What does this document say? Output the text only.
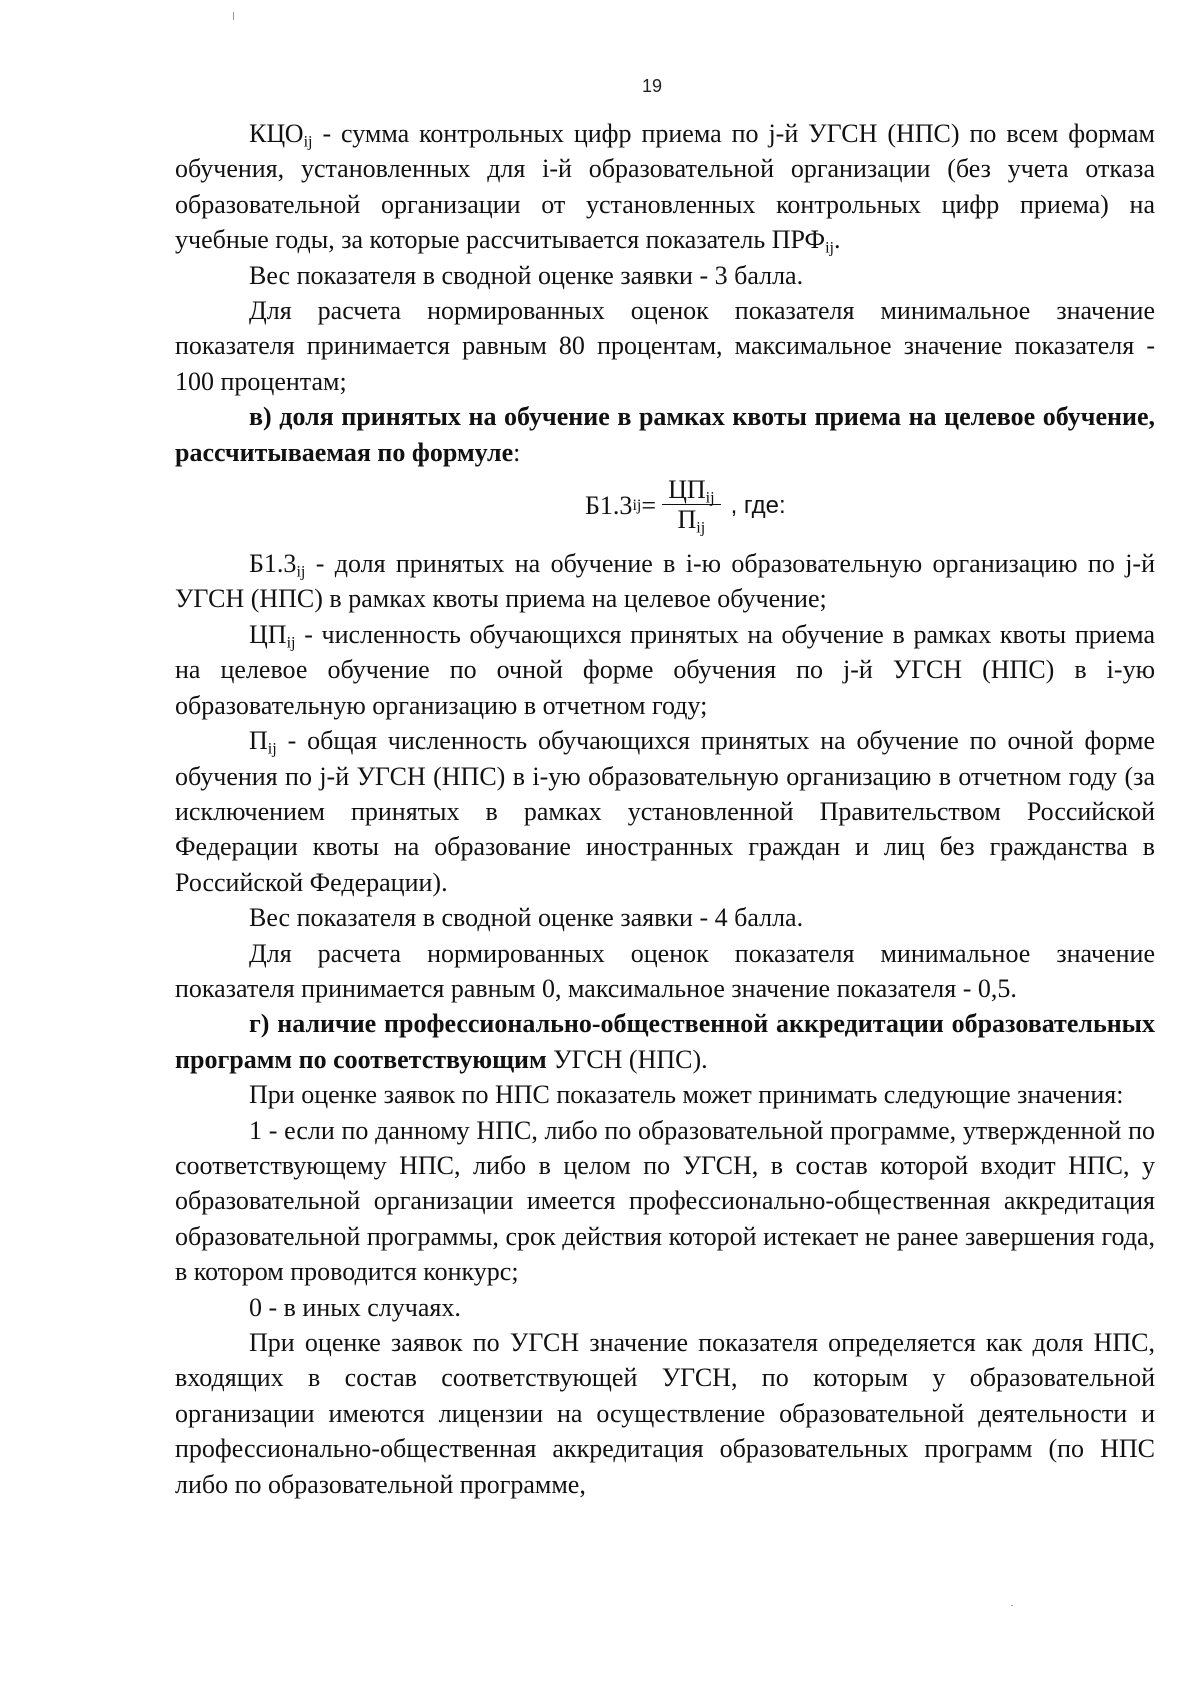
19

$КЦО_{ij}$ - сумма контрольных цифр приема по j-й УГСН (НПС) по всем формам обучения, установленных для i-й образовательной организации (без учета отказа образовательной организации от установленных контрольных цифр приема) на учебные годы, за которые рассчитывается показатель $ПРФ_{ij}$.

Вес показателя в сводной оценке заявки - 3 балла.

Для расчета нормированных оценок показателя минимальное значение показателя принимается равным 80 процентам, максимальное значение показателя - 100 процентам;

в) доля принятых на обучение в рамках квоты приема на целевое обучение, рассчитываемая по формуле:

Б1.3 ij = $\frac{ЦП_{ij}}{П_{ij}}$ , где:

$Б1.3_{ij}$ - доля принятых на обучение в i-ю образовательную организацию по j-й УГСН (НПС) в рамках квоты приема на целевое обучение;

$ЦП_{ij}$ - численность обучающихся принятых на обучение в рамках квоты приема на целевое обучение по очной форме обучения по j-й УГСН (НПС) в i-ую образовательную организацию в отчетном году;

$П_{ij}$ - общая численность обучающихся принятых на обучение по очной форме обучения по j-й УГСН (НПС) в i-ую образовательную организацию в отчетном году (за исключением принятых в рамках установленной Правительством Российской Федерации квоты на образование иностранных граждан и лиц без гражданства в Российской Федерации).

Вес показателя в сводной оценке заявки - 4 балла.

Для расчета нормированных оценок показателя минимальное значение показателя принимается равным 0, максимальное значение показателя - 0,5.

г) наличие профессионально-общественной аккредитации образовательных программ по соответствующим УГСН (НПС).

При оценке заявок по НПС показатель может принимать следующие значения:

1 - если по данному НПС, либо по образовательной программе, утвержденной по соответствующему НПС, либо в целом по УГСН, в состав которой входит НПС, у образовательной организации имеется профессионально-общественная аккредитация образовательной программы, срок действия которой истекает не ранее завершения года, в котором проводится конкурс;

0 - в иных случаях.

При оценке заявок по УГСН значение показателя определяется как доля НПС, входящих в состав соответствующей УГСН, по которым у образовательной организации имеются лицензии на осуществление образовательной деятельности и профессионально-общественная аккредитация образовательных программ (по НПС либо по образовательной программе,
